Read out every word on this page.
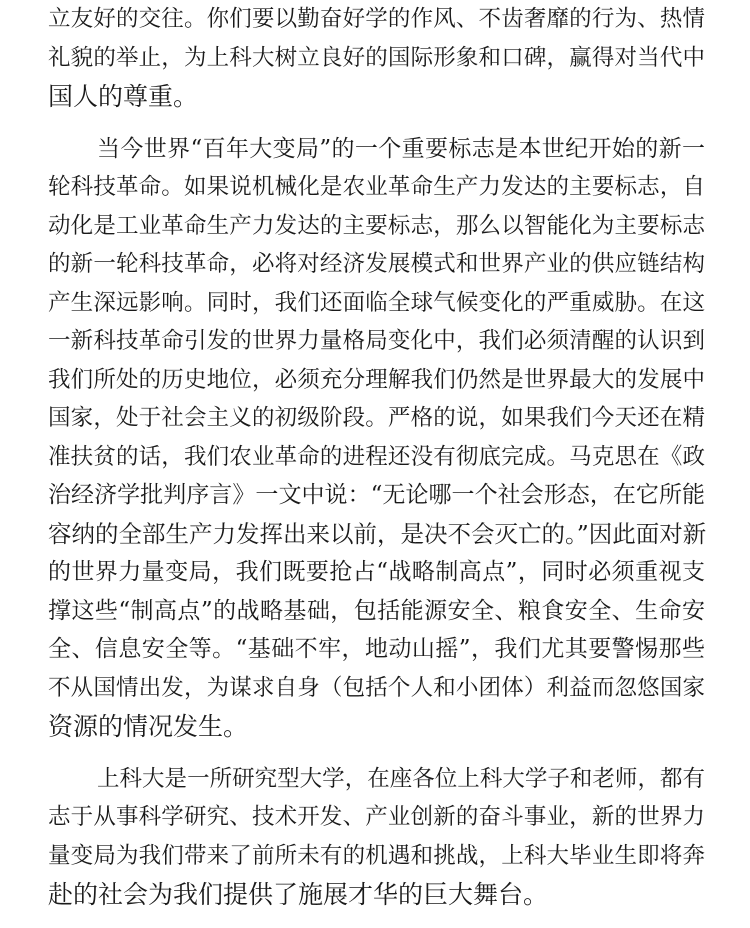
立友好的交往。你们要以勤奋好学的作风、不齿奢靡的行为、热情
礼貌的举止，为上科大树立良好的国际形象和口碑，赢得对当代中
国人的尊重。
当今世界“百年大变局”的一个重要标志是本世纪开始的新一
轮科技革命。如果说机械化是农业革命生产力发达的主要标志，自
动化是工业革命生产力发达的主要标志，那么以智能化为主要标志
的新一轮科技革命，必将对经济发展模式和世界产业的供应链结构
产生深远影响。同时，我们还面临全球气候变化的严重威胁。在这
一新科技革命引发的世界力量格局变化中，我们必须清醒的认识到
我们所处的历史地位，必须充分理解我们仍然是世界最大的发展中
国家，处于社会主义的初级阶段。严格的说，如果我们今天还在精
准扶贫的话，我们农业革命的进程还没有彻底完成。马克思在《政
治经济学批判序言》一文中说：“无论哪一个社会形态，在它所能
容纳的全部生产力发挥出来以前，是决不会灭亡的。”因此面对新
的世界力量变局，我们既要抢占“战略制高点”，同时必须重视支
撑这些“制高点”的战略基础，包括能源安全、粮食安全、生命安
全、信息安全等。“基础不牢，地动山摇”，我们尤其要警惕那些
不从国情出发，为谋求自身（包括个人和小团体）利益而忽悠国家
资源的情况发生。
上科大是一所研究型大学，在座各位上科大学子和老师，都有
志于从事科学研究、技术开发、产业创新的奋斗事业，新的世界力
量变局为我们带来了前所未有的机遇和挑战，上科大毕业生即将奔
赴的社会为我们提供了施展才华的巨大舞台。
